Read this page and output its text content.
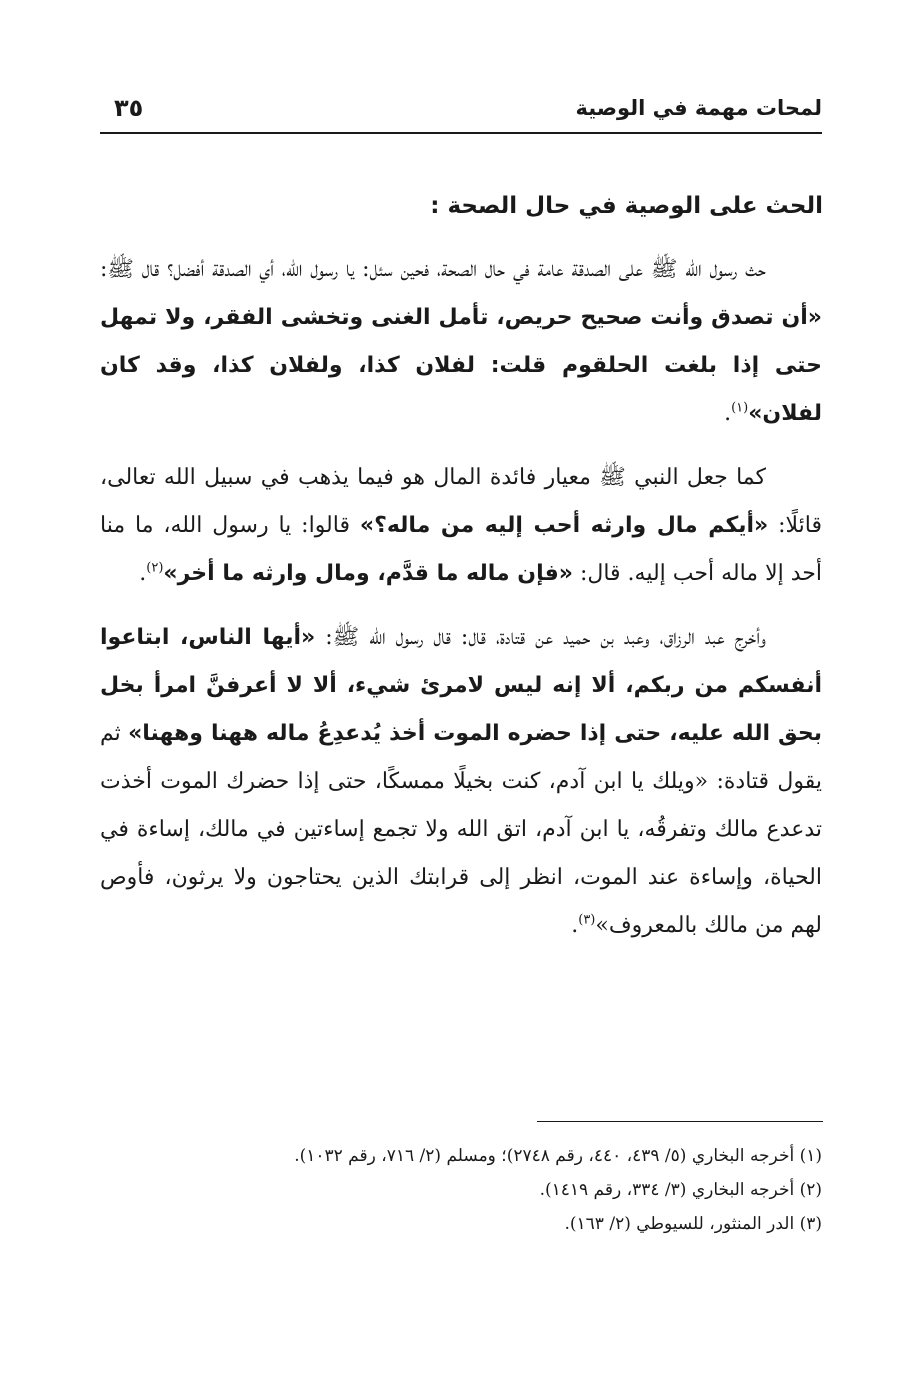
لمحات مهمة في الوصية
٣٥
الحث على الوصية في حال الصحة :

حث رسول الله ﷺ على الصدقة عامة في حال الصحة، فحين سئل: يا رسول الله، أي الصدقة أفضل؟ قال ﷺ: «أن تصدق وأنت صحيح حريص، تأمل الغنى وتخشى الفقر، ولا تمهل حتى إذا بلغت الحلقوم قلت: لفلان كذا، ولفلان كذا، وقد كان لفلان»$^{(١)}$.

كما جعل النبي ﷺ معيار فائدة المال هو فيما يذهب في سبيل الله تعالى، قائلًا: «أيكم مال وارثه أحب إليه من ماله؟» قالوا: يا رسول الله، ما منا أحد إلا ماله أحب إليه. قال: «فإن ماله ما قدَّم، ومال وارثه ما أخر»$^{(٢)}$.

وأخرج عبد الرزاق، وعبد بن حميد عن قتادة، قال: قال رسول الله ﷺ: «أيها الناس، ابتاعوا أنفسكم من ربكم، ألا إنه ليس لامرئ شيء، ألا لا أعرفنَّ امرأ بخل بحق الله عليه، حتى إذا حضره الموت أخذ يُدعدِعُ ماله ههنا وههنا» ثم يقول قتادة: «ويلك يا ابن آدم، كنت بخيلًا ممسكًا، حتى إذا حضرك الموت أخذت تدعدع مالك وتفرقُه، يا ابن آدم، اتق الله ولا تجمع إساءتين في مالك، إساءة في الحياة، وإساءة عند الموت، انظر إلى قرابتك الذين يحتاجون ولا يرثون، فأوص لهم من مالك بالمعروف»$^{(٣)}$.

(١) أخرجه البخاري (٥/ ٤٣٩، ٤٤٠، رقم ٢٧٤٨)؛ ومسلم (٢/ ٧١٦، رقم ١٠٣٢).
(٢) أخرجه البخاري (٣/ ٣٣٤، رقم ١٤١٩).
(٣) الدر المنثور، للسيوطي (٢/ ١٦٣).
